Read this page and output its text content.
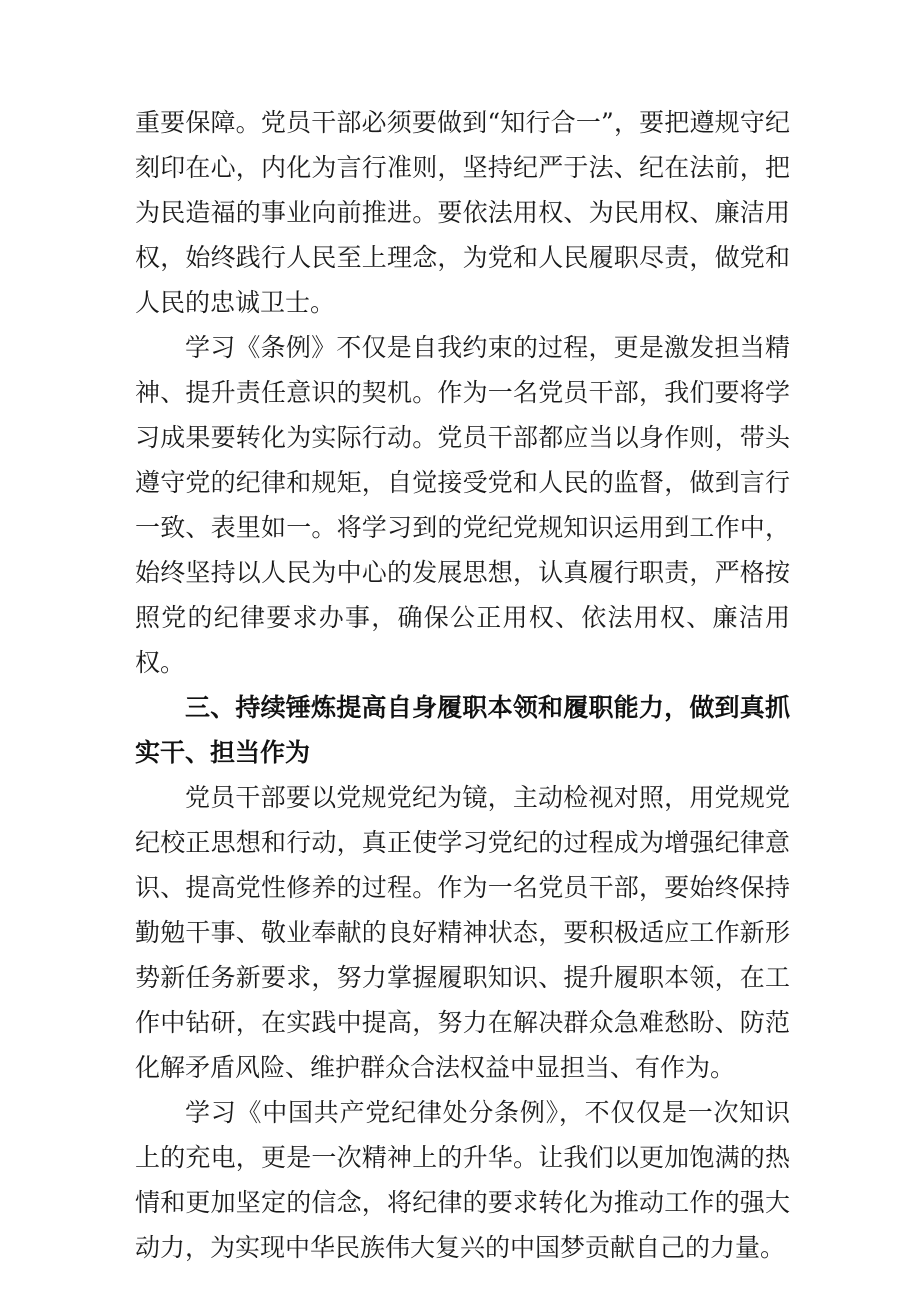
重要保障。党员干部必须要做到“知行合一”，要把遵规守纪刻印在心，内化为言行准则，坚持纪严于法、纪在法前，把为民造福的事业向前推进。要依法用权、为民用权、廉洁用权，始终践行人民至上理念，为党和人民履职尽责，做党和人民的忠诚卫士。

学习《条例》不仅是自我约束的过程，更是激发担当精神、提升责任意识的契机。作为一名党员干部，我们要将学习成果要转化为实际行动。党员干部都应当以身作则，带头遵守党的纪律和规矩，自觉接受党和人民的监督，做到言行一致、表里如一。将学习到的党纪党规知识运用到工作中，始终坚持以人民为中心的发展思想，认真履行职责，严格按照党的纪律要求办事，确保公正用权、依法用权、廉洁用权。

三、持续锤炼提高自身履职本领和履职能力，做到真抓实干、担当作为

党员干部要以党规党纪为镜，主动检视对照，用党规党纪校正思想和行动，真正使学习党纪的过程成为增强纪律意识、提高党性修养的过程。作为一名党员干部，要始终保持勤勉干事、敬业奉献的良好精神状态，要积极适应工作新形势新任务新要求，努力掌握履职知识、提升履职本领，在工作中钻研，在实践中提高，努力在解决群众急难愁盼、防范化解矛盾风险、维护群众合法权益中显担当、有作为。

学习《中国共产党纪律处分条例》，不仅仅是一次知识上的充电，更是一次精神上的升华。让我们以更加饱满的热情和更加坚定的信念，将纪律的要求转化为推动工作的强大动力，为实现中华民族伟大复兴的中国梦贡献自己的力量。
